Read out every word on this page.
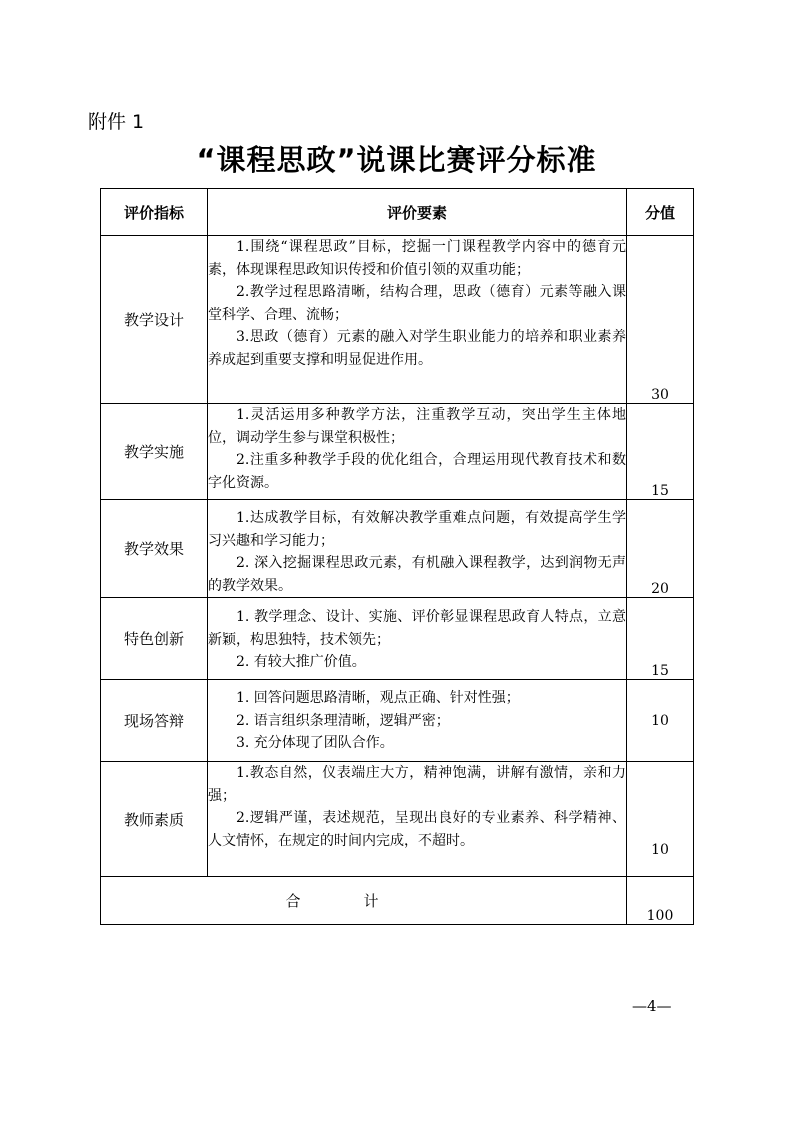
附件 1
“课程思政”说课比赛评分标准
评价指标	评价要素	分值
教学设计	1.围绕“课程思政”目标，挖掘一门课程教学内容中的德育元素，体现课程思政知识传授和价值引领的双重功能；

2.教学过程思路清晰，结构合理，思政（德育）元素等融入课堂科学、合理、流畅；

3.思政（德育）元素的融入对学生职业能力的培养和职业素养养成起到重要支撑和明显促进作用。	30
教学实施	1.灵活运用多种教学方法，注重教学互动，突出学生主体地位，调动学生参与课堂积极性；

2.注重多种教学手段的优化组合，合理运用现代教育技术和数字化资源。	15
教学效果	1.达成教学目标，有效解决教学重难点问题，有效提高学生学习兴趣和学习能力；

2. 深入挖掘课程思政元素，有机融入课程教学，达到润物无声的教学效果。	20
特色创新	1. 教学理念、设计、实施、评价彰显课程思政育人特点，立意新颖，构思独特，技术领先；

2. 有较大推广价值。	15
现场答辩	1. 回答问题思路清晰，观点正确、针对性强；

2. 语言组织条理清晰，逻辑严密；

3. 充分体现了团队合作。	10
教师素质	1.教态自然，仪表端庄大方，精神饱满，讲解有激情，亲和力强；

2.逻辑严谨，表述规范，呈现出良好的专业素养、科学精神、人文情怀，在规定的时间内完成，不超时。	10
合计		100
—4—
